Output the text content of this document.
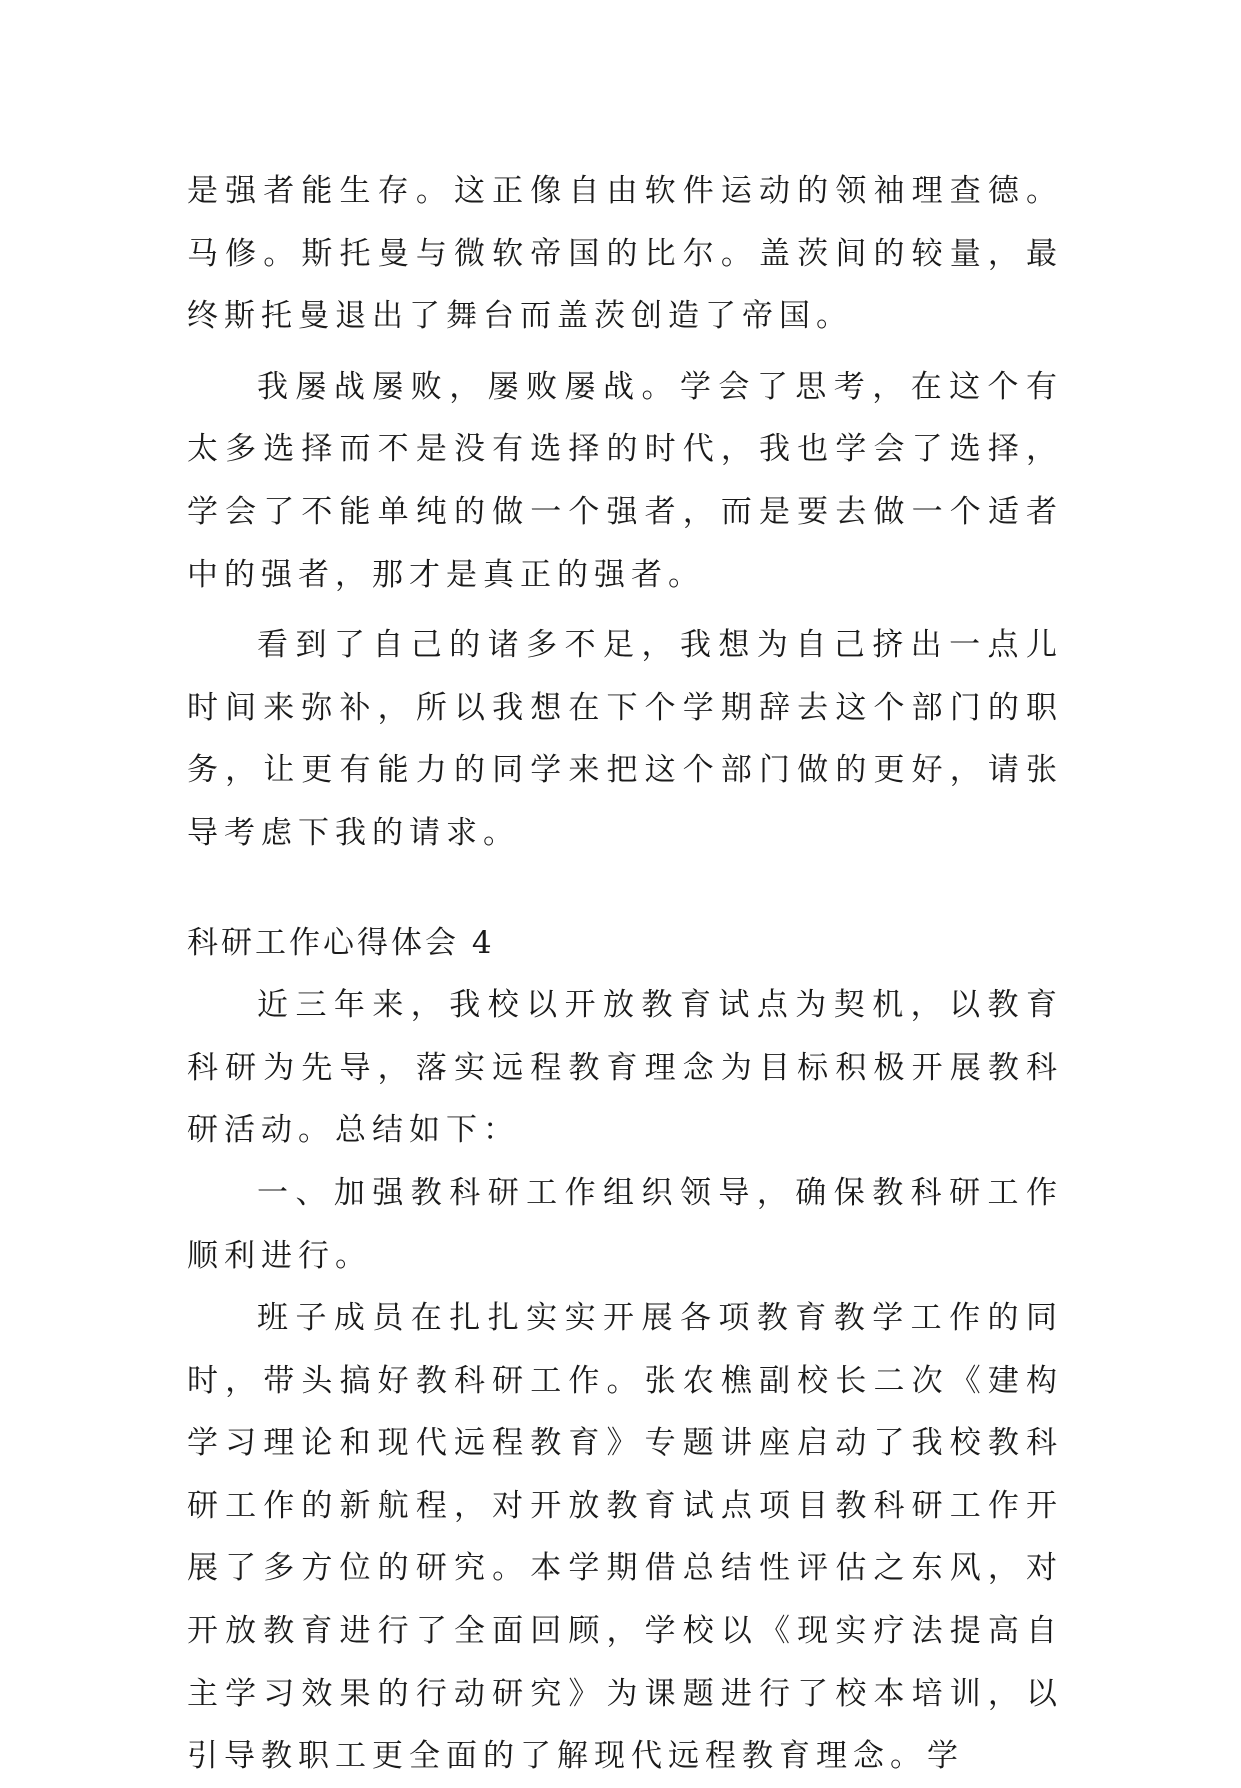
是强者能生存。这正像自由软件运动的领袖理查德。马修。斯托曼与微软帝国的比尔。盖茨间的较量，最终斯托曼退出了舞台而盖茨创造了帝国。

我屡战屡败，屡败屡战。学会了思考，在这个有太多选择而不是没有选择的时代，我也学会了选择，学会了不能单纯的做一个强者，而是要去做一个适者中的强者，那才是真正的强者。

看到了自己的诸多不足，我想为自己挤出一点儿时间来弥补，所以我想在下个学期辞去这个部门的职务，让更有能力的同学来把这个部门做的更好，请张导考虑下我的请求。

科研工作心得体会 4

近三年来，我校以开放教育试点为契机，以教育科研为先导，落实远程教育理念为目标积极开展教科研活动。总结如下：

一、加强教科研工作组织领导，确保教科研工作顺利进行。

班子成员在扎扎实实开展各项教育教学工作的同时，带头搞好教科研工作。张农樵副校长二次《建构学习理论和现代远程教育》专题讲座启动了我校教科研工作的新航程，对开放教育试点项目教科研工作开展了多方位的研究。本学期借总结性评估之东风，对开放教育进行了全面回顾，学校以《现实疗法提高自主学习效果的行动研究》为课题进行了校本培训，以引导教职工更全面的了解现代远程教育理念。学
